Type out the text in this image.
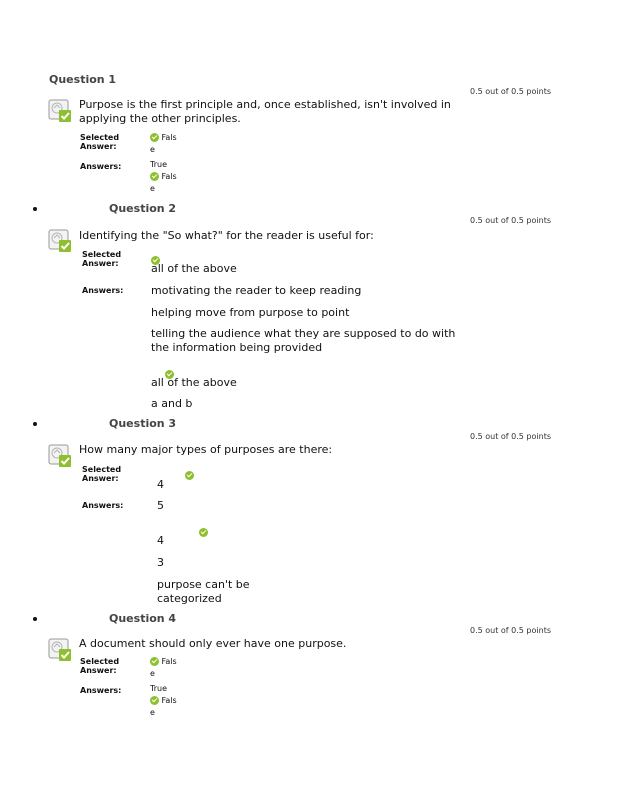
Question 1
0.5 out of 0.5 points
Purpose is the first principle and, once established, isn't involved in
applying the other principles.
Selected
Answer:
Fals
e
Answers:	True
Fals
e
Question 2
0.5 out of 0.5 points
Identifying the "So what?" for the reader is useful for:
Selected
Answer:
	all of the above
Answers:	motivating the reader to keep reading
helping move from purpose to point
telling the audience what they are supposed to do with
the information being provided

all of the above
a and b
Question 3
0.5 out of 0.5 points
How many major types of purposes are there:
Selected
Answer:
	4
Answers:	5
4
3
purpose can't be
categorized
Question 4
0.5 out of 0.5 points
A document should only ever have one purpose.
Selected
Answer:
Fals
e
Answers:	True
Fals
e
